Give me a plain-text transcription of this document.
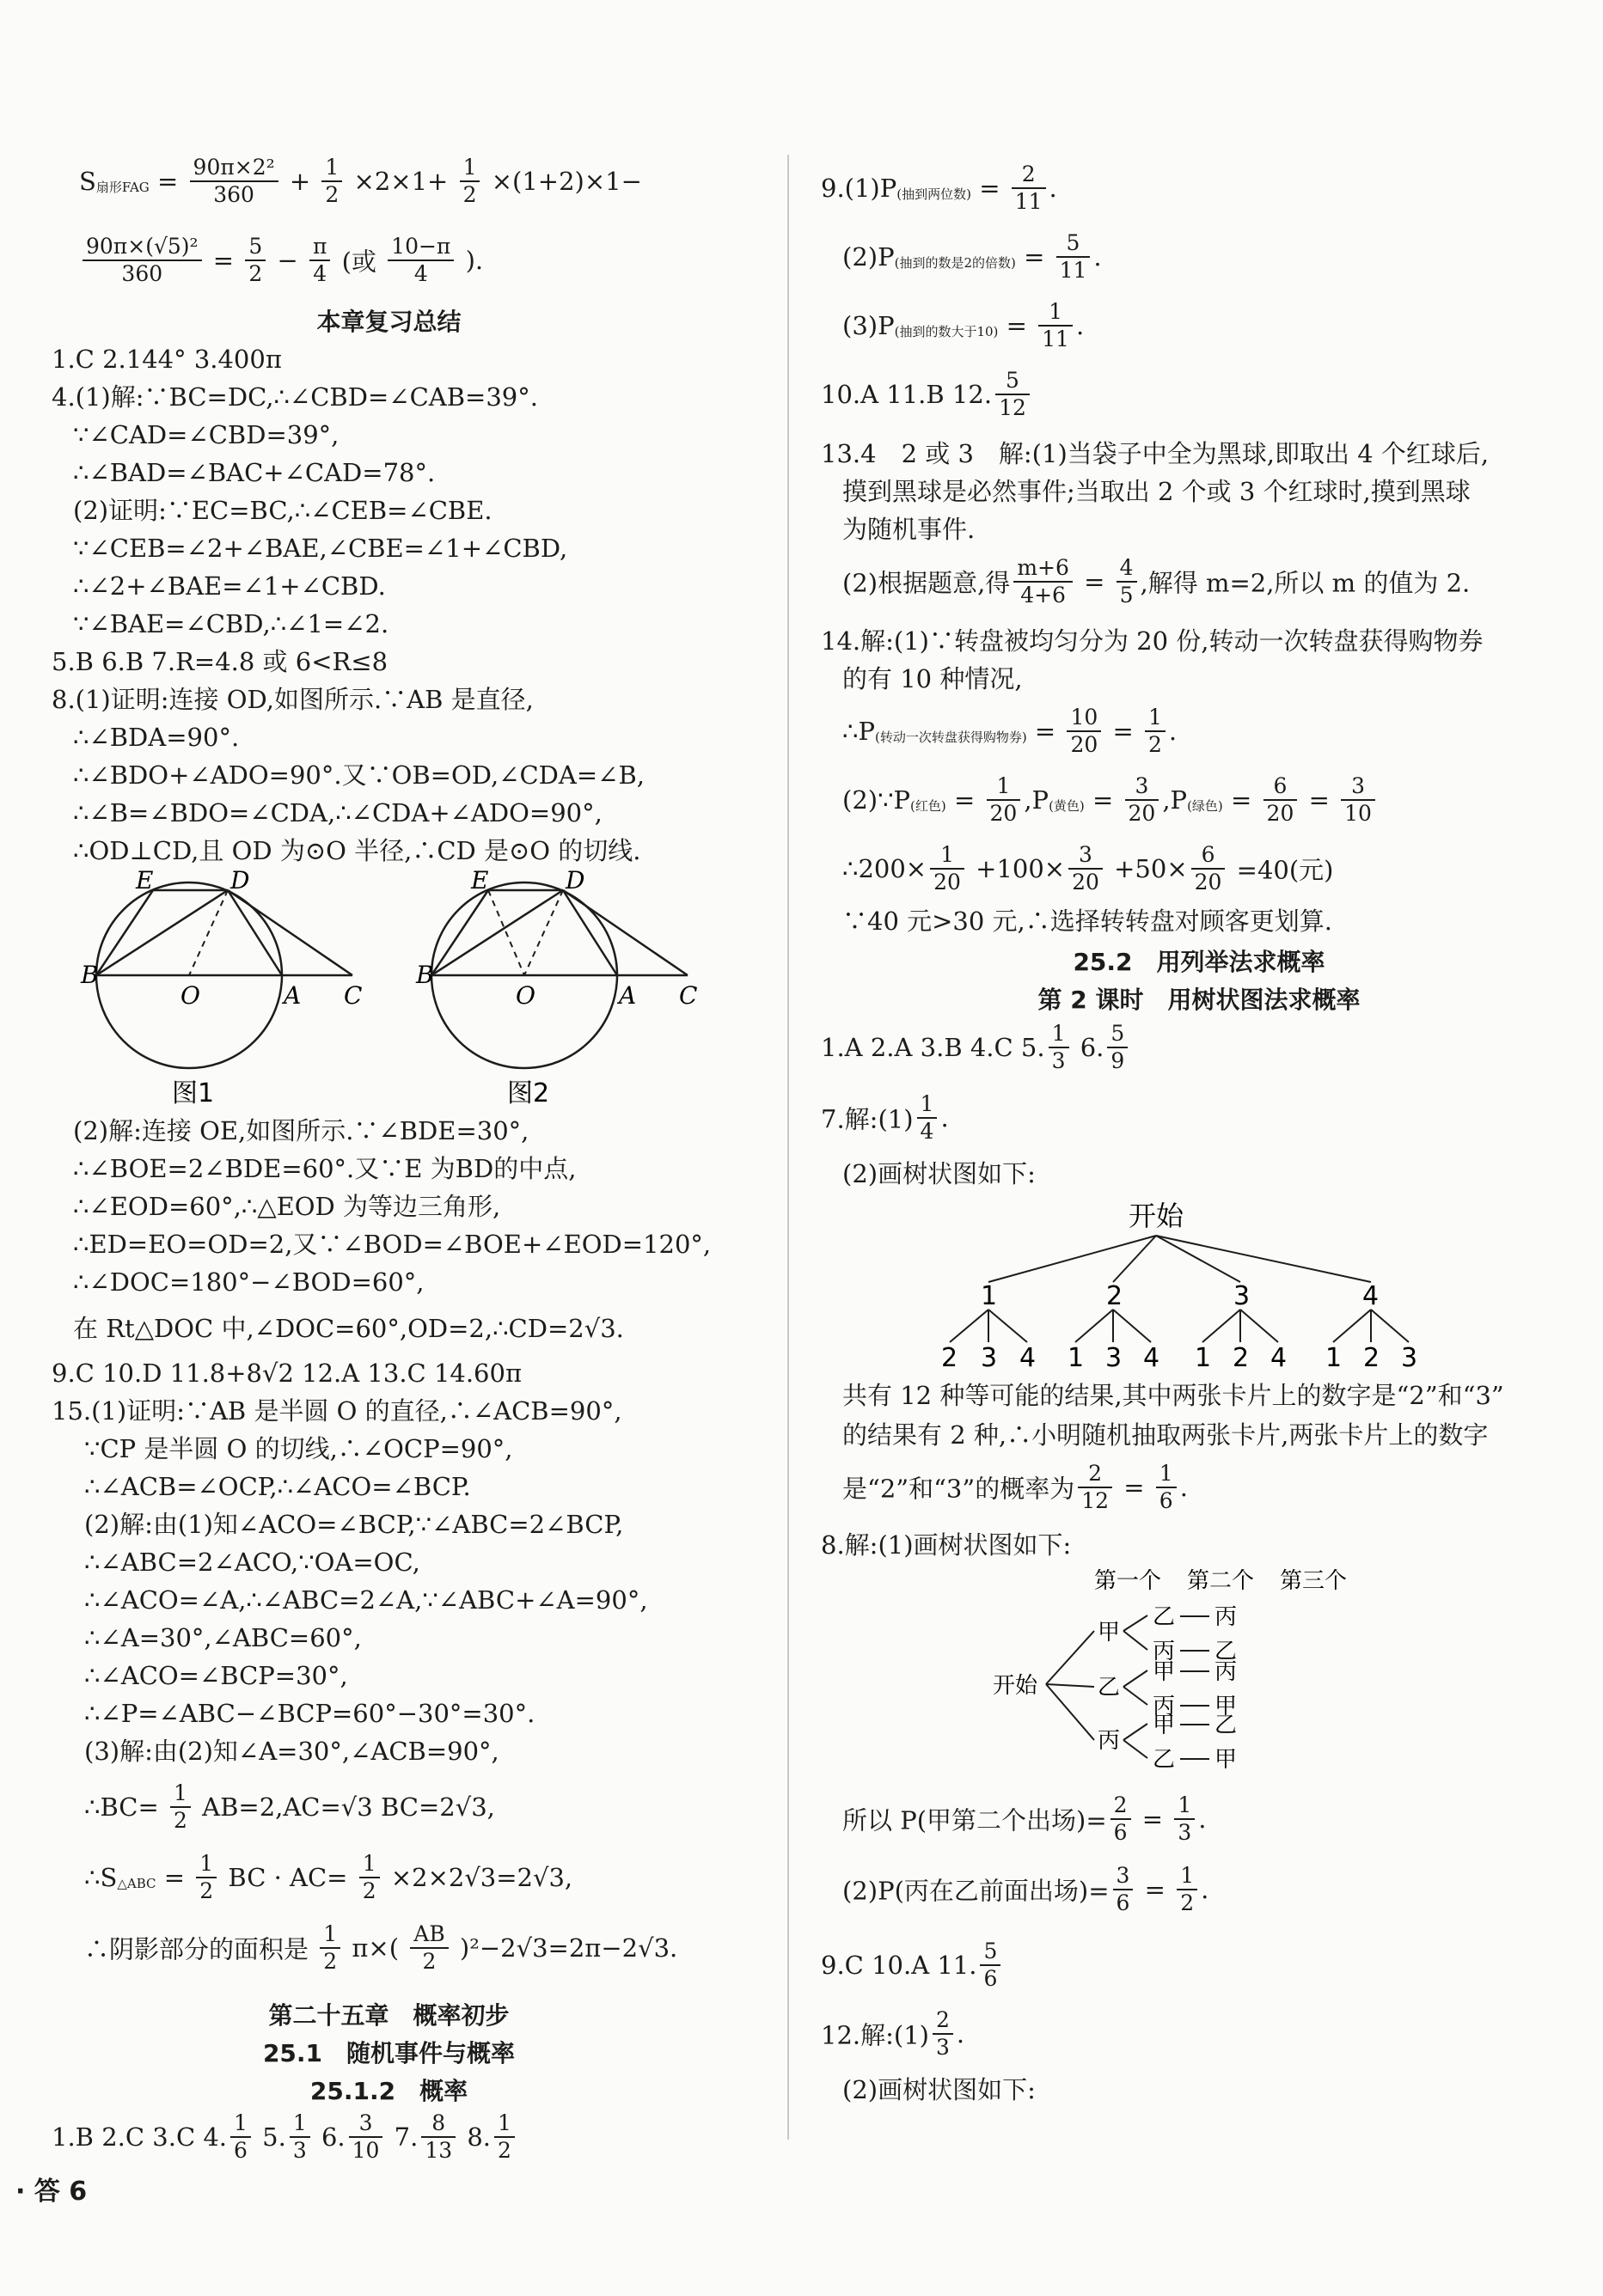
$S_{扇形FAG} = \frac{\text{90π×2²}}{360} + \frac{1}{2} \times 2\times 1+ \frac{1}{2} \times(1+2)\times 1-$
$\frac{\text{90π×(√5)²}}{360} = \frac{5}{2} - \frac{\pi}{4}$ (或 $\frac{10-\pi}{4}$ ).
本章复习总结
1.C 2.144° 3.400π
4.(1)解:∵BC=DC,∴∠CBD=∠CAB=39°.
∵∠CAD=∠CBD=39°,
∴∠BAD=∠BAC+∠CAD=78°.
(2)证明:∵EC=BC,∴∠CEB=∠CBE.
∵∠CEB=∠2+∠BAE,∠CBE=∠1+∠CBD,
∴∠2+∠BAE=∠1+∠CBD.
∵∠BAE=∠CBD,∴∠1=∠2.
5.B 6.B 7.R=4.8 或 6<R≤8
8.(1)证明:连接 OD,如图所示.∵AB 是直径,
∴∠BDA=90°.
∴∠BDO+∠ADO=90°.又∵OB=OD,∠CDA=∠B,
∴∠B=∠BDO=∠CDA,∴∠CDA+∠ADO=90°,
∴OD⊥CD,且 OD 为⊙O 半径,∴CD 是⊙O 的切线.
E	D
B
O	A C
图1
E	D
B
O	A C
图2
(2)解:连接 OE,如图所示.∵∠BDE=30°,
∴∠BOE=2∠BDE=60°.又∵E 为BD的中点,
∴∠EOD=60°,∴△EOD 为等边三角形,
∴ED=EO=OD=2,又∵∠BOD=∠BOE+∠EOD=120°,
∴∠DOC=180°−∠BOD=60°,
在 Rt△DOC 中,∠DOC=60°,OD=2,∴CD=2√3.
9.C 10.D 11.8+8√2 12.A 13.C 14.60π
15.(1)证明:∵AB 是半圆 O 的直径,∴∠ACB=90°,
∵CP 是半圆 O 的切线,∴∠OCP=90°,
∴∠ACB=∠OCP,∴∠ACO=∠BCP.
(2)解:由(1)知∠ACO=∠BCP,∵∠ABC=2∠BCP,
∴∠ABC=2∠ACO,∵OA=OC,
∴∠ACO=∠A,∴∠ABC=2∠A,∵∠ABC+∠A=90°,
∴∠A=30°,∠ABC=60°,
∴∠ACO=∠BCP=30°,
∴∠P=∠ABC−∠BCP=60°−30°=30°.
(3)解:由(2)知∠A=30°,∠ACB=90°,
∴BC= $\frac{1}{2} AB=2,AC=√3$ BC=2√3,
$\therefore S_{\triangle ABC} = \frac{1}{2}$ BC · $AC= \frac{1}{2} \times 2\times 2√3=2√3$,
∴阴影部分的面积是 $\frac{1}{2} \pi\times( \frac{AB}{2} )^2-2√3=2\pi-2√3$.
第二十五章　概率初步
25.1　随机事件与概率
25.1.2　概率
1.B 2.C 3.C 4. $\frac{1}{6} 5$. $\frac{1}{3} 6$. $\frac{3}{10} 7$. $\frac{8}{13} 8$. $\frac{1}{2}$
$9.(1)P_{(抽到两位数)} = \frac{2}{11}$ .
$(2)P_{(抽到的数是2的倍数)} = \frac{5}{11}$ .
$(3)P_{(抽到的数大于10)} = \frac{1}{11}$ .
10.A 11.B 12. $\frac{5}{12}$
13.4　2 或 3　解:(1)当袋子中全为黑球,即取出 4 个红球后,
摸到黑球是必然事件;当取出 2 个或 3 个红球时,摸到黑球
为随机事件.
(2)根据题意,得 $\frac{m+6}{4+6} = \frac{4}{5}$ ,解得 m=2,所以 m 的值为 2.
14.解:(1)∵转盘被均匀分为 20 份,转动一次转盘获得购物券
的有 10 种情况,
$\therefore P_{(转动一次转盘获得购物券)} = \frac{10}{20} = \frac{1}{2}$ .
$(2)\because P_{(红色)} = \frac{1}{20} ,P_{(黄色)} = \frac{3}{20} ,P_{(绿色)} = \frac{6}{20} = \frac{3}{10}$
∴200× $\frac{1}{20} +100\times \frac{3}{20} +50\times \frac{6}{20} =40$(元)
∵40 元>30 元,∴选择转转盘对顾客更划算.
25.2　用列举法求概率
第 2 课时　用树状图法求概率
1.A 2.A 3.B 4.C 5. $\frac{1}{3} 6$. $\frac{5}{9}$
7.解:(1) $\frac{1}{4}$ .
(2)画树状图如下:
开始
1	2	3	4
2 3 4 1 3 4 1 2 4 1 2 3
共有 12 种等可能的结果,其中两张卡片上的数字是“2”和“3”
的结果有 2 种,∴小明随机抽取两张卡片,两张卡片上的数字
是“2”和“3”的概率为 $\frac{2}{12} = \frac{1}{6}$ .
8.解:(1)画树状图如下:
第一个 第二个 第三个
开始
甲
乙
丙
乙 丙
丙 乙
甲 丙
丙 甲
甲 乙
乙 甲
所以 P(甲第二个出场)= $\frac{2}{6} = \frac{1}{3}$ .
(2)P(丙在乙前面出场)= $\frac{3}{6} = \frac{1}{2}$ .
9.C 10.A 11. $\frac{5}{6}$
12.解:(1) $\frac{2}{3}$ .
(2)画树状图如下:
· 答 6
